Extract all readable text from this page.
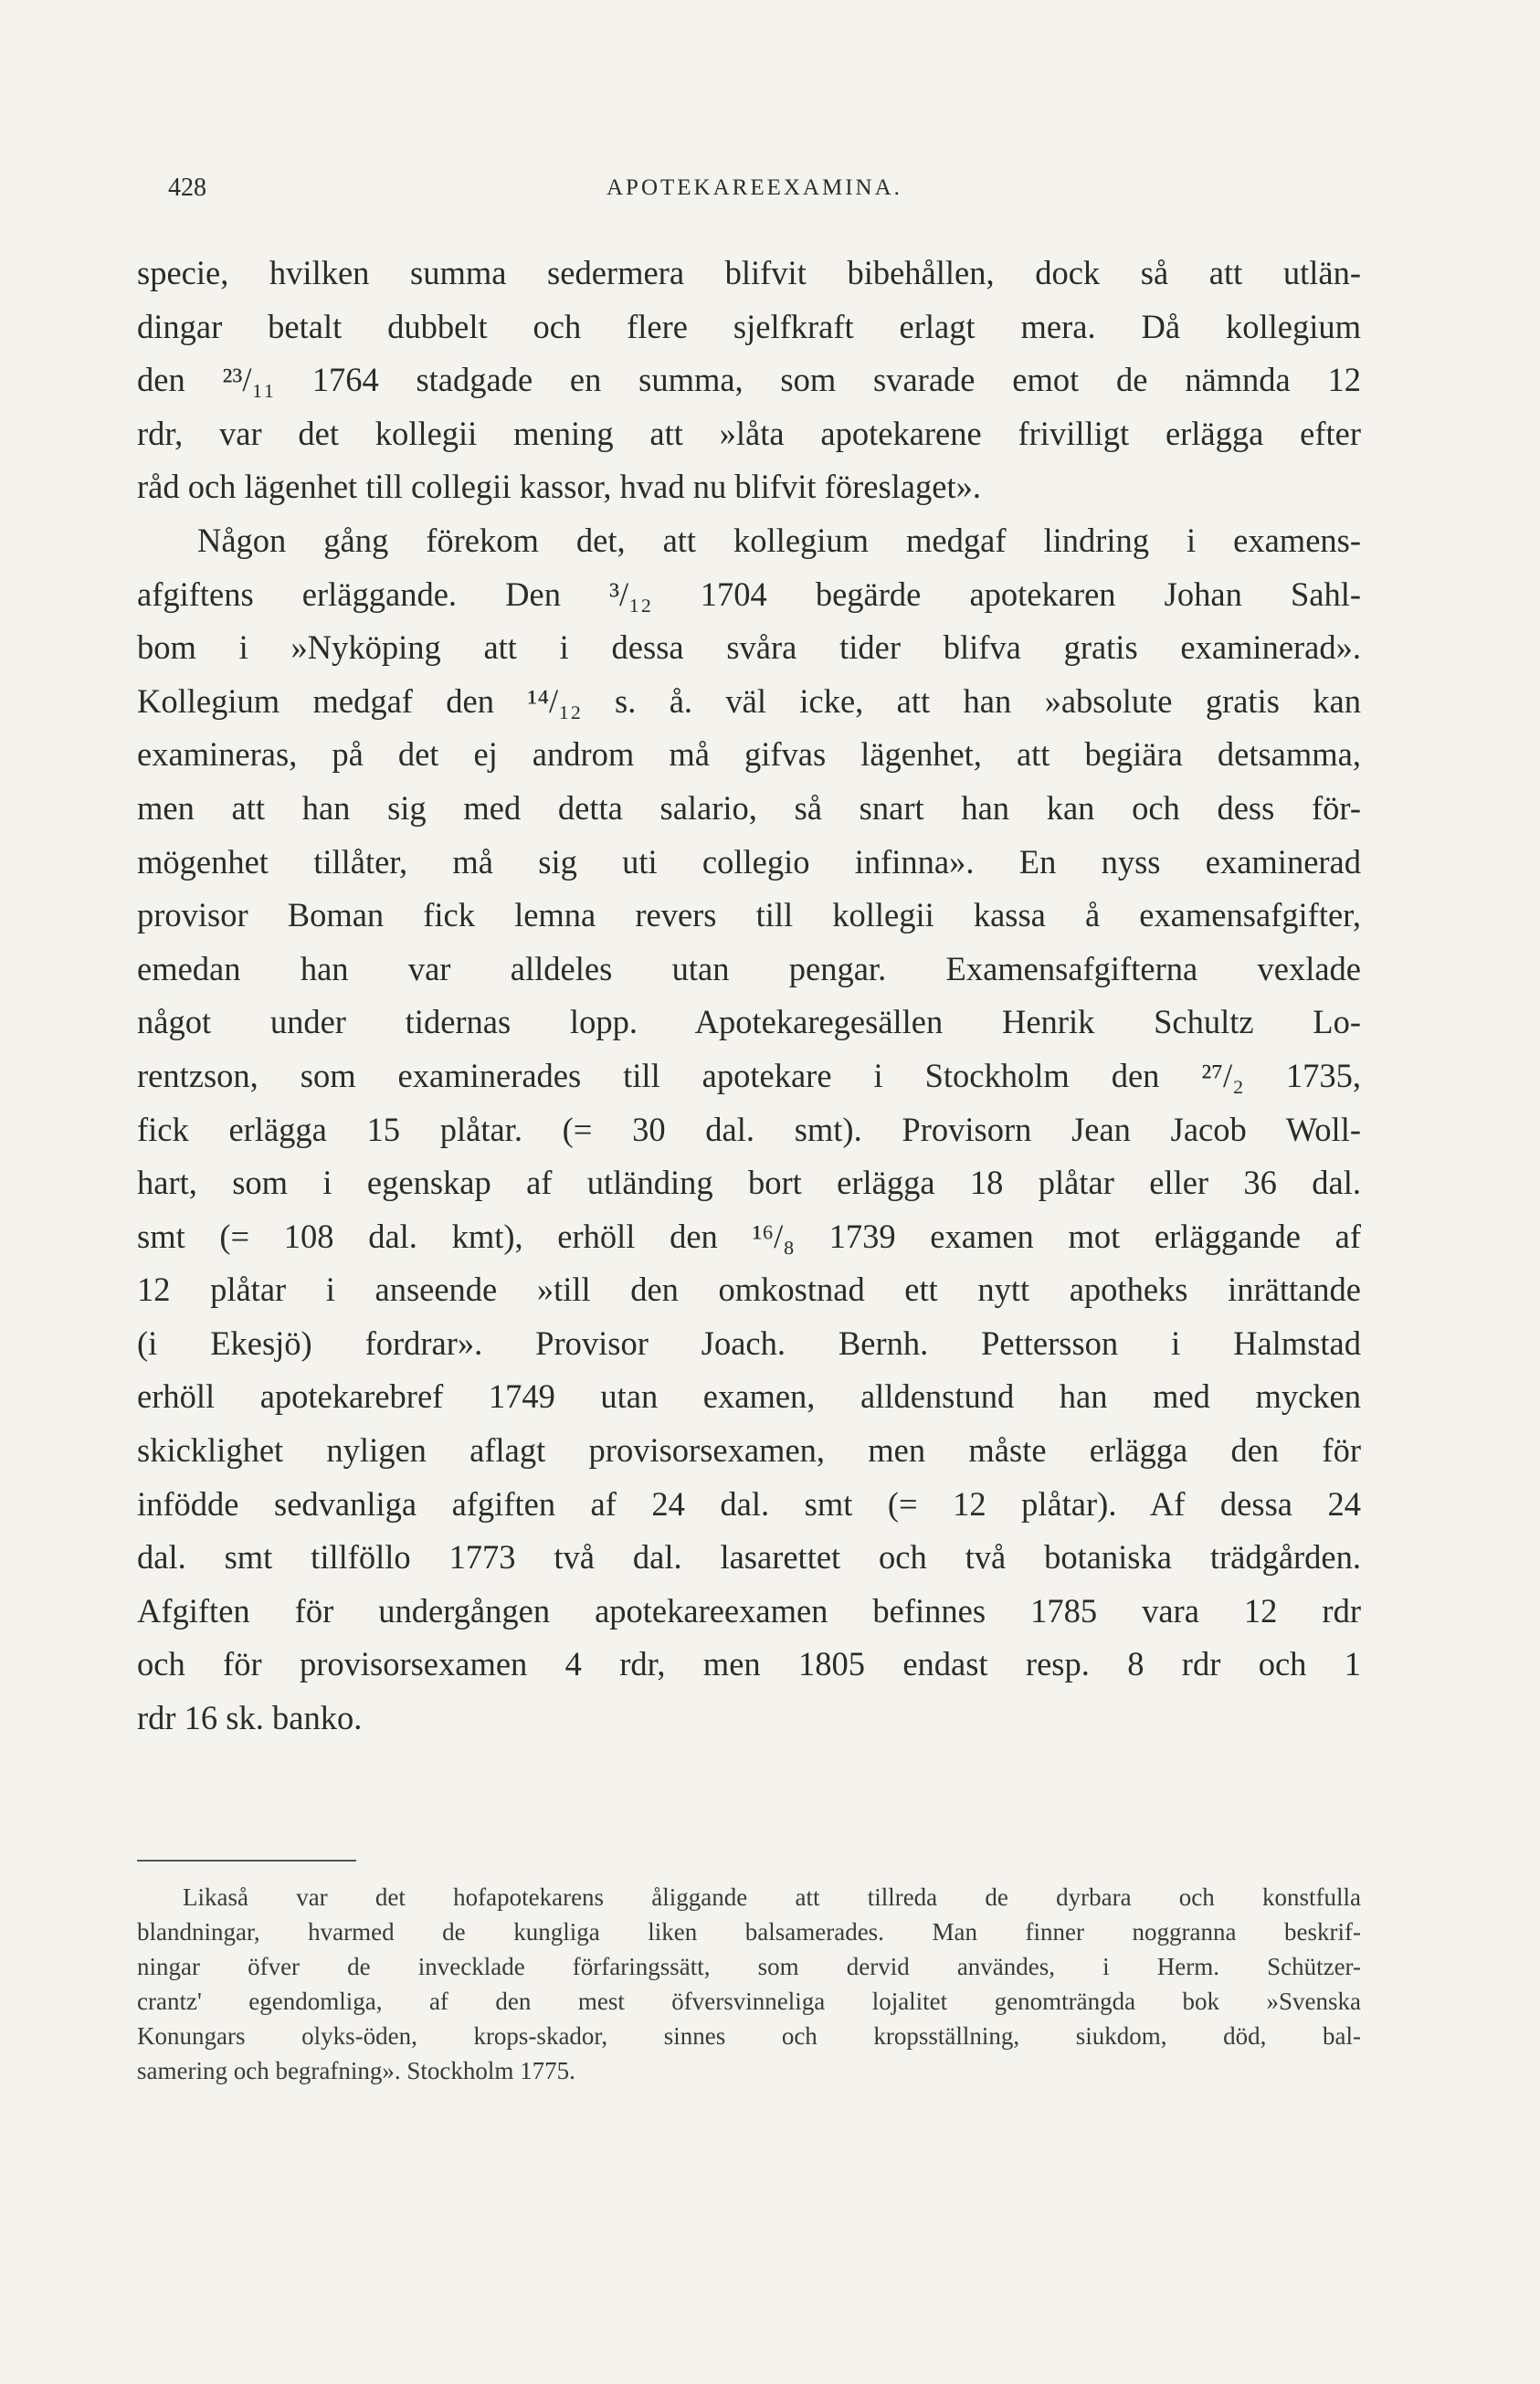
428	APOTEKAREEXAMINA.
specie, hvilken summa sedermera blifvit bibehållen, dock så att utlän-
dingar betalt dubbelt och flere sjelfkraft erlagt mera. Då kollegium
den ²³/₁₁ 1764 stadgade en summa, som svarade emot de nämnda 12
rdr, var det kollegii mening att »låta apotekarene frivilligt erlägga efter
råd och lägenhet till collegii kassor, hvad nu blifvit föreslaget».
Någon gång förekom det, att kollegium medgaf lindring i examens-
afgiftens erläggande. Den ³/₁₂ 1704 begärde apotekaren Johan Sahl-
bom i »Nyköping att i dessa svåra tider blifva gratis examinerad».
Kollegium medgaf den ¹⁴/₁₂ s. å. väl icke, att han »absolute gratis kan
examineras, på det ej androm må gifvas lägenhet, att begiära detsamma,
men att han sig med detta salario, så snart han kan och dess för-
mögenhet tillåter, må sig uti collegio infinna». En nyss examinerad
provisor Boman fick lemna revers till kollegii kassa å examensafgifter,
emedan han var alldeles utan pengar. Examensafgifterna vexlade
något under tidernas lopp. Apotekaregesällen Henrik Schultz Lo-
rentzson, som examinerades till apotekare i Stockholm den ²⁷/₂ 1735,
fick erlägga 15 plåtar. (= 30 dal. smt). Provisorn Jean Jacob Woll-
hart, som i egenskap af utländing bort erlägga 18 plåtar eller 36 dal.
smt (= 108 dal. kmt), erhöll den ¹⁶/₈ 1739 examen mot erläggande af
12 plåtar i anseende »till den omkostnad ett nytt apotheks inrättande
(i Ekesjö) fordrar». Provisor Joach. Bernh. Pettersson i Halmstad
erhöll apotekarebref 1749 utan examen, alldenstund han med mycken
skicklighet nyligen aflagt provisorsexamen, men måste erlägga den för
infödde sedvanliga afgiften af 24 dal. smt (= 12 plåtar). Af dessa 24
dal. smt tillföllo 1773 två dal. lasarettet och två botaniska trädgården.
Afgiften för undergången apotekareexamen befinnes 1785 vara 12 rdr
och för provisorsexamen 4 rdr, men 1805 endast resp. 8 rdr och 1
rdr 16 sk. banko.
Likaså var det hofapotekarens åliggande att tillreda de dyrbara och konstfulla
blandningar, hvarmed de kungliga liken balsamerades. Man finner noggranna beskrif-
ningar öfver de invecklade förfaringssätt, som dervid användes, i Herm. Schützer-
crantz' egendomliga, af den mest öfversvinneliga lojalitet genomträngda bok »Svenska
Konungars olyks-öden, krops-skador, sinnes och kropsställning, siukdom, död, bal-
samering och begrafning». Stockholm 1775.
